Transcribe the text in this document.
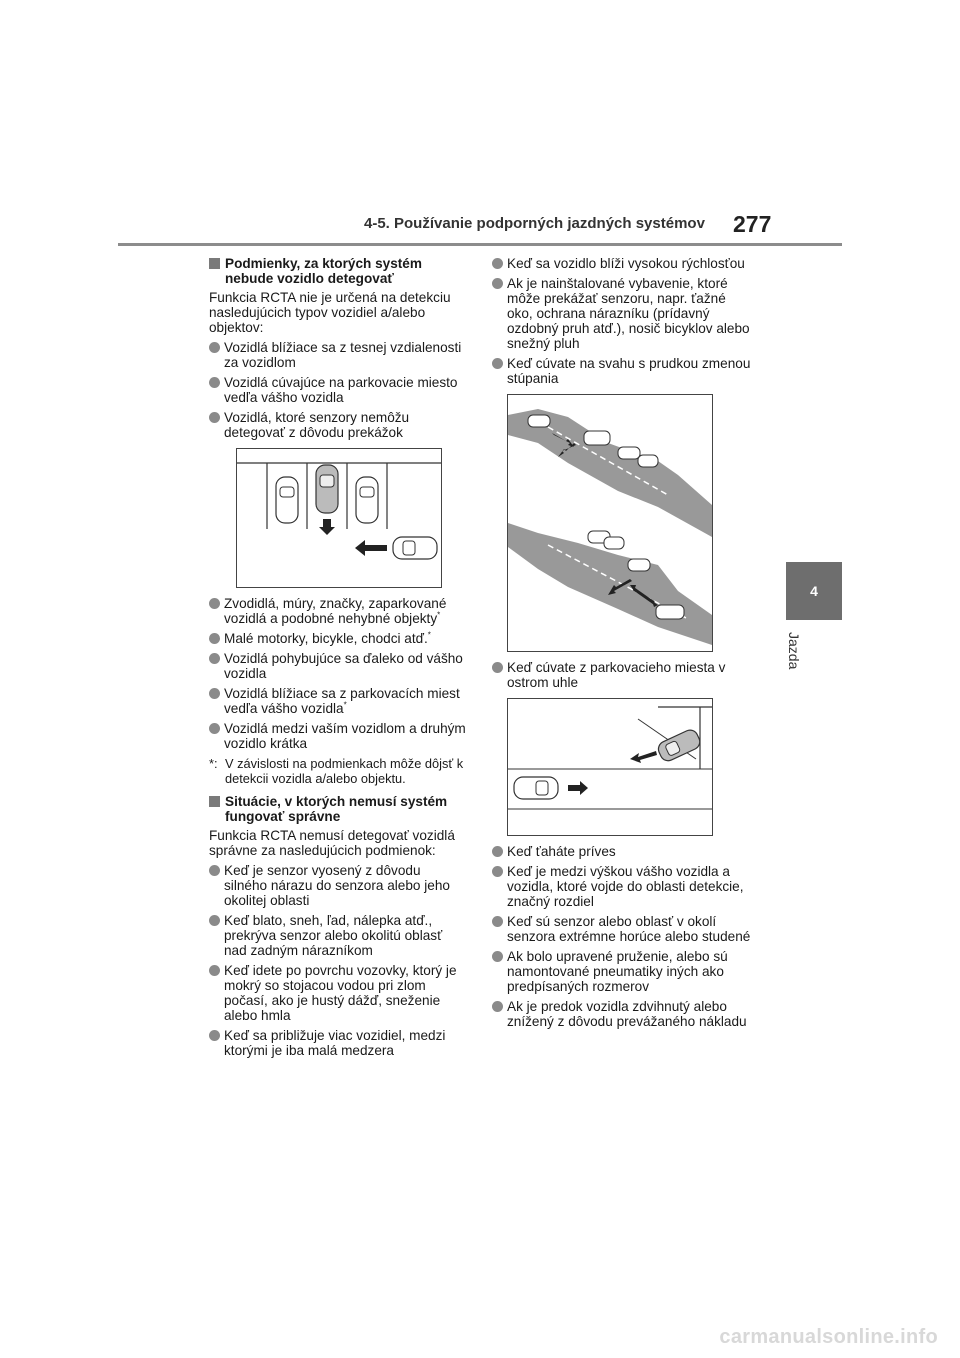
4-5. Používanie podporných jazdných systémov 277
4
Jazda
Podmienky, za ktorých systém nebude vozidlo detegovať
Funkcia RCTA nie je určená na detekciu nasledujúcich typov vozidiel a/alebo objektov:
Vozidlá blížiace sa z tesnej vzdialenosti za vozidlom
Vozidlá cúvajúce na parkovacie miesto vedľa vášho vozidla
Vozidlá, ktoré senzory nemôžu detegovať z dôvodu prekážok
Zvodidlá, múry, značky, zaparkované vozidlá a podobné nehybné objekty*
Malé motorky, bicykle, chodci atď.*
Vozidlá pohybujúce sa ďaleko od vášho vozidla
Vozidlá blížiace sa z parkovacích miest vedľa vášho vozidla*
Vozidlá medzi vaším vozidlom a druhým vozidlo krátka
*: V závislosti na podmienkach môže dôjsť k detekcii vozidla a/alebo objektu.
Situácie, v ktorých nemusí systém fungovať správne
Funkcia RCTA nemusí detegovať vozidlá správne za nasledujúcich podmienok:
Keď je senzor vyosený z dôvodu silného nárazu do senzora alebo jeho okolitej oblasti
Keď blato, sneh, ľad, nálepka atď., prekrýva senzor alebo okolitú oblasť nad zadným nárazníkom
Keď idete po povrchu vozovky, ktorý je mokrý so stojacou vodou pri zlom počasí, ako je hustý dážď, sneženie alebo hmla
Keď sa približuje viac vozidiel, medzi ktorými je iba malá medzera
Keď sa vozidlo blíži vysokou rýchlosťou
Ak je nainštalované vybavenie, ktoré môže prekážať senzoru, napr. ťažné oko, ochrana nárazníku (prídavný ozdobný pruh atď.), nosič bicyklov alebo snežný pluh
Keď cúvate na svahu s prudkou zmenou stúpania
Keď cúvate z parkovacieho miesta v ostrom uhle
Keď ťaháte príves
Keď je medzi výškou vášho vozidla a vozidla, ktoré vojde do oblasti detekcie, značný rozdiel
Keď sú senzor alebo oblasť v okolí senzora extrémne horúce alebo studené
Ak bolo upravené pruženie, alebo sú namontované pneumatiky iných ako predpísaných rozmerov
Ak je predok vozidla zdvihnutý alebo znížený z dôvodu prevážaného nákladu
carmanualsonline.info
